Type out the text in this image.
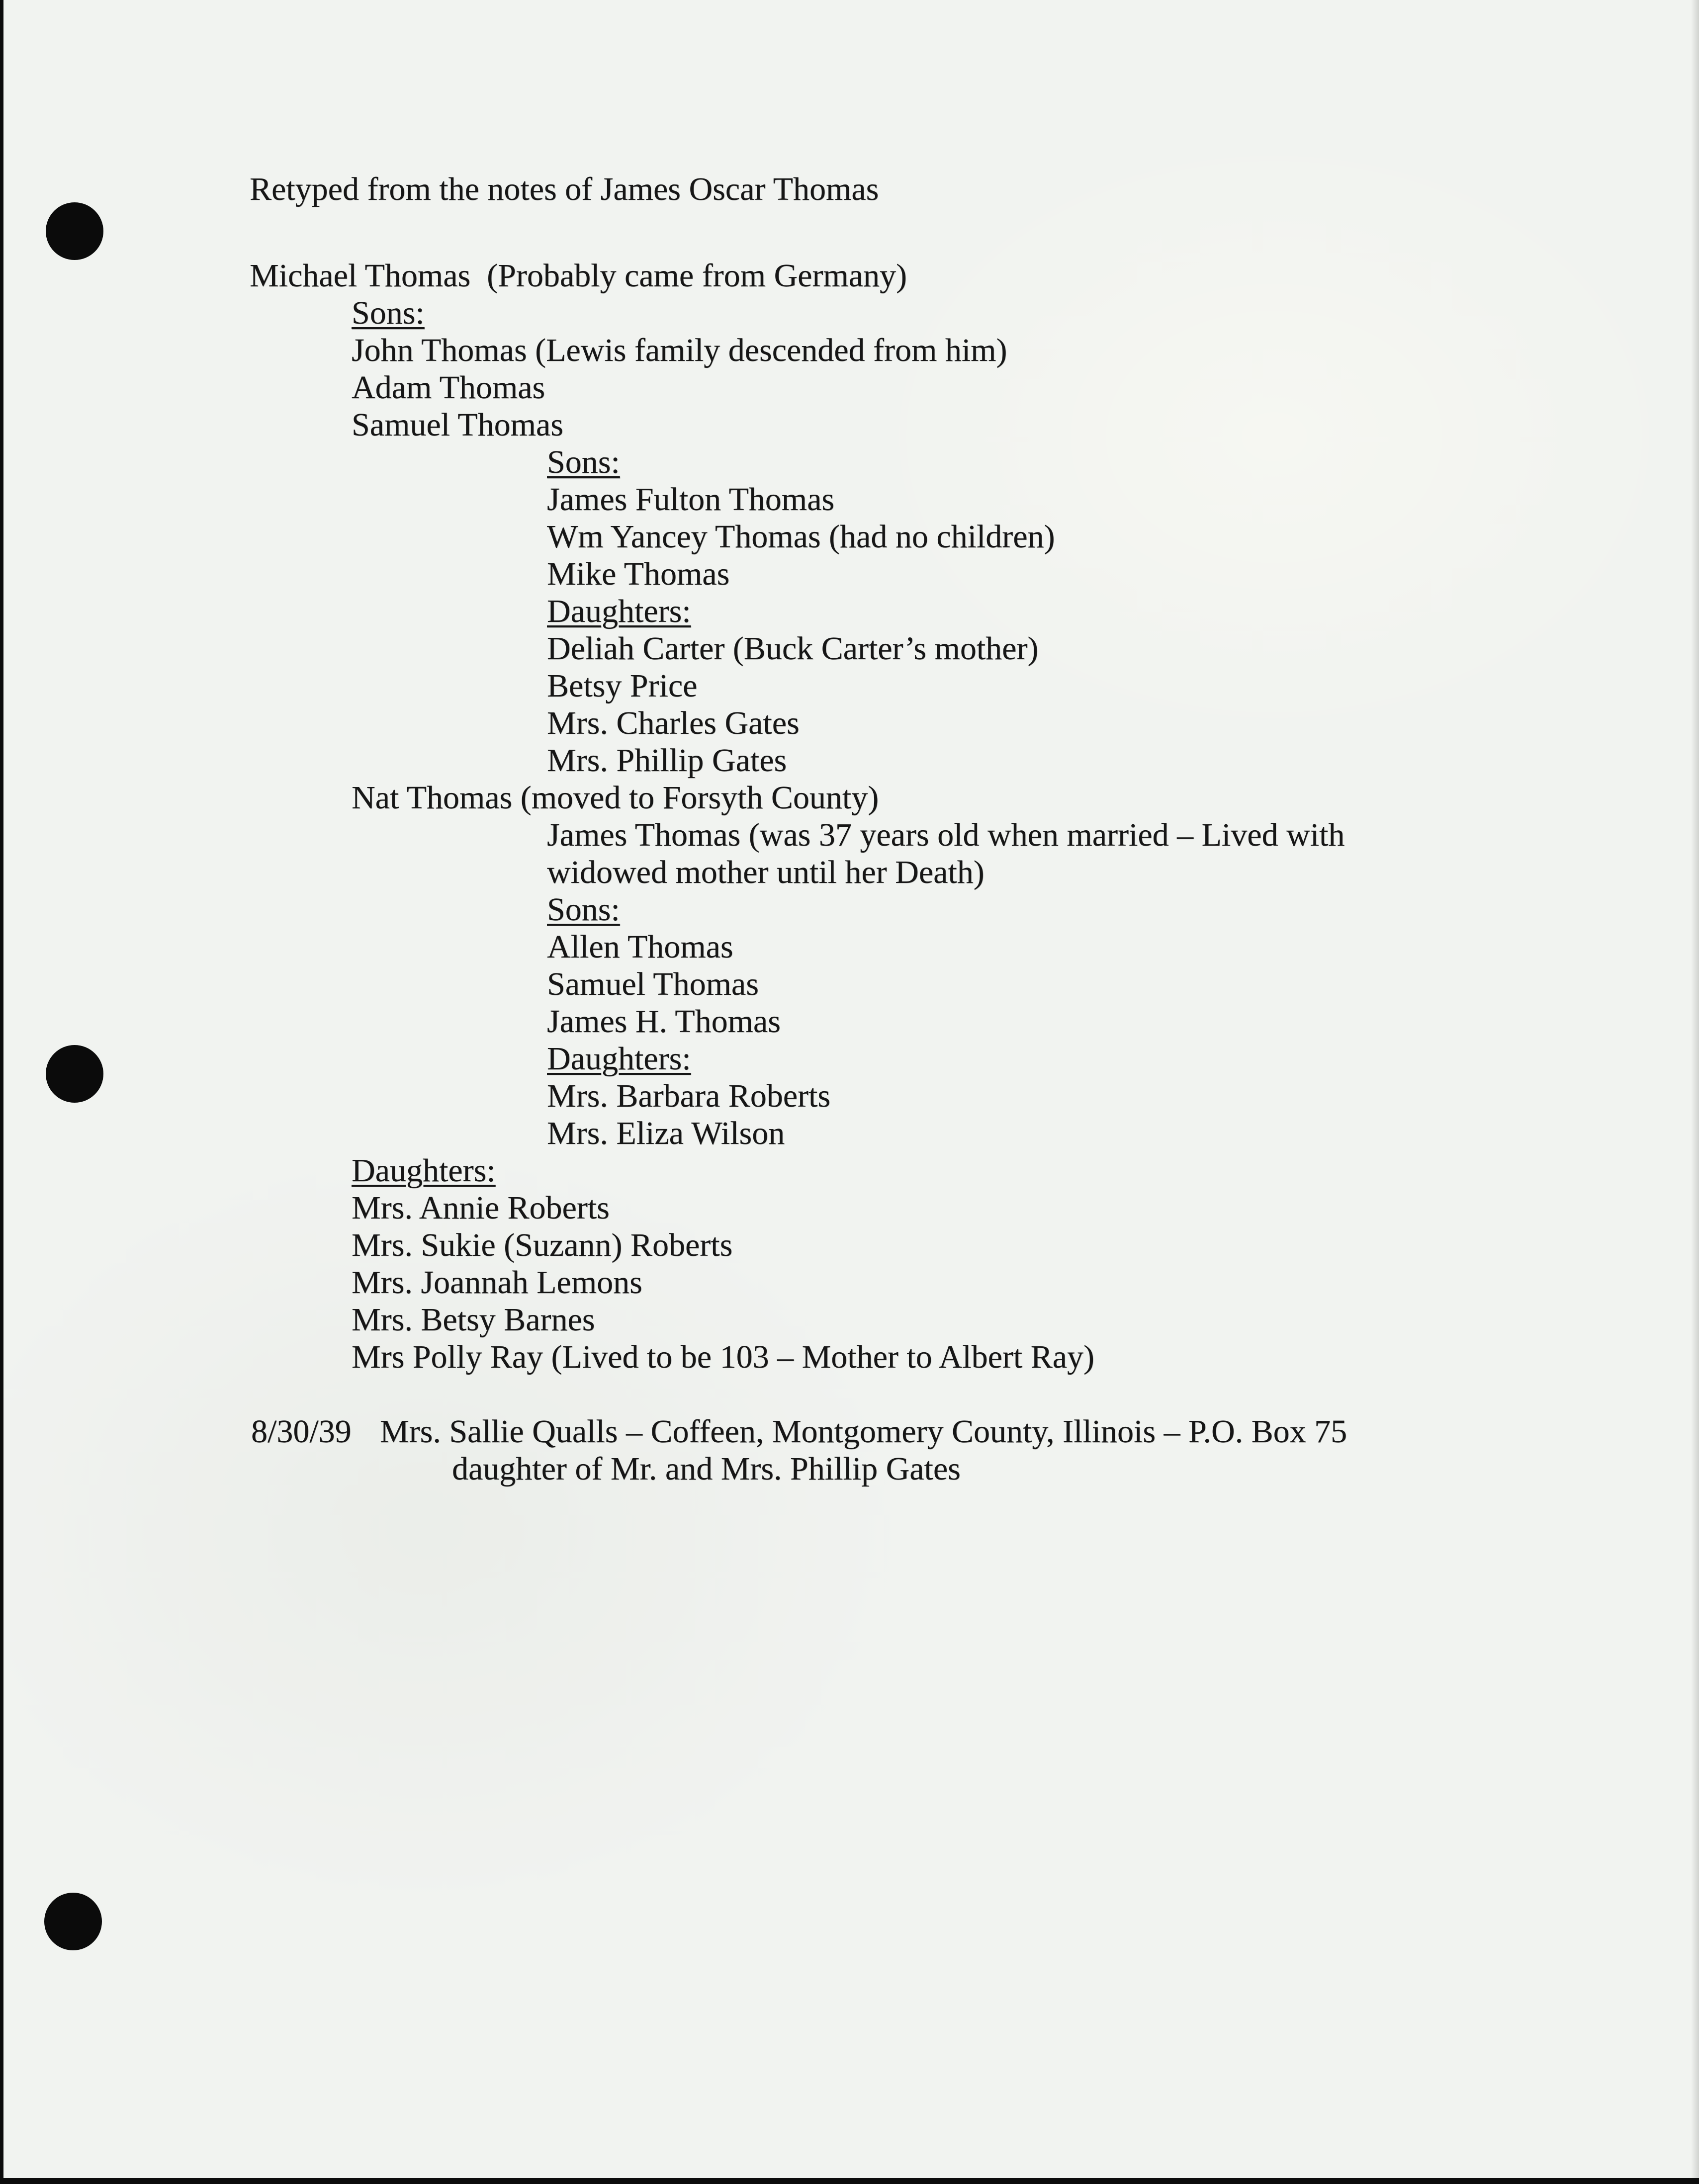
Retyped from the notes of James Oscar Thomas
Michael Thomas  (Probably came from Germany)
Sons:
John Thomas (Lewis family descended from him)
Adam Thomas
Samuel Thomas
Sons:
James Fulton Thomas
Wm Yancey Thomas (had no children)
Mike Thomas
Daughters:
Deliah Carter (Buck Carter’s mother)
Betsy Price
Mrs. Charles Gates
Mrs. Phillip Gates
Nat Thomas (moved to Forsyth County)
James Thomas (was 37 years old when married – Lived with
widowed mother until her Death)
Sons:
Allen Thomas
Samuel Thomas
James H. Thomas
Daughters:
Mrs. Barbara Roberts
Mrs. Eliza Wilson
Daughters:
Mrs. Annie Roberts
Mrs. Sukie (Suzann) Roberts
Mrs. Joannah Lemons
Mrs. Betsy Barnes
Mrs Polly Ray (Lived to be 103 – Mother to Albert Ray)
8/30/39 Mrs. Sallie Qualls – Coffeen, Montgomery County, Illinois – P.O. Box 75
daughter of Mr. and Mrs. Phillip Gates
